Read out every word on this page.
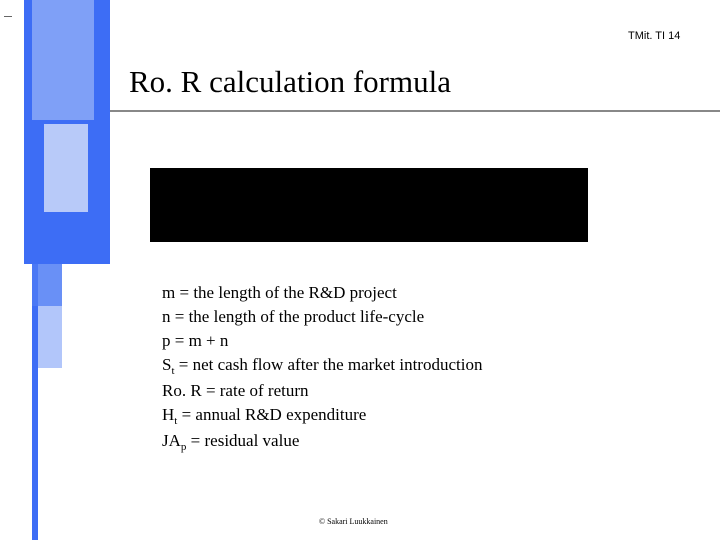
TMit. TI 14
Ro. R calculation formula
m = the length of the R&D project
n = the length of the product life-cycle
p = m + n
$S_t$ = net cash flow after the market introduction
Ro. R = rate of return
$H_t$ = annual R&D expenditure
$JA_p$ = residual value
© Sakari Luukkainen
